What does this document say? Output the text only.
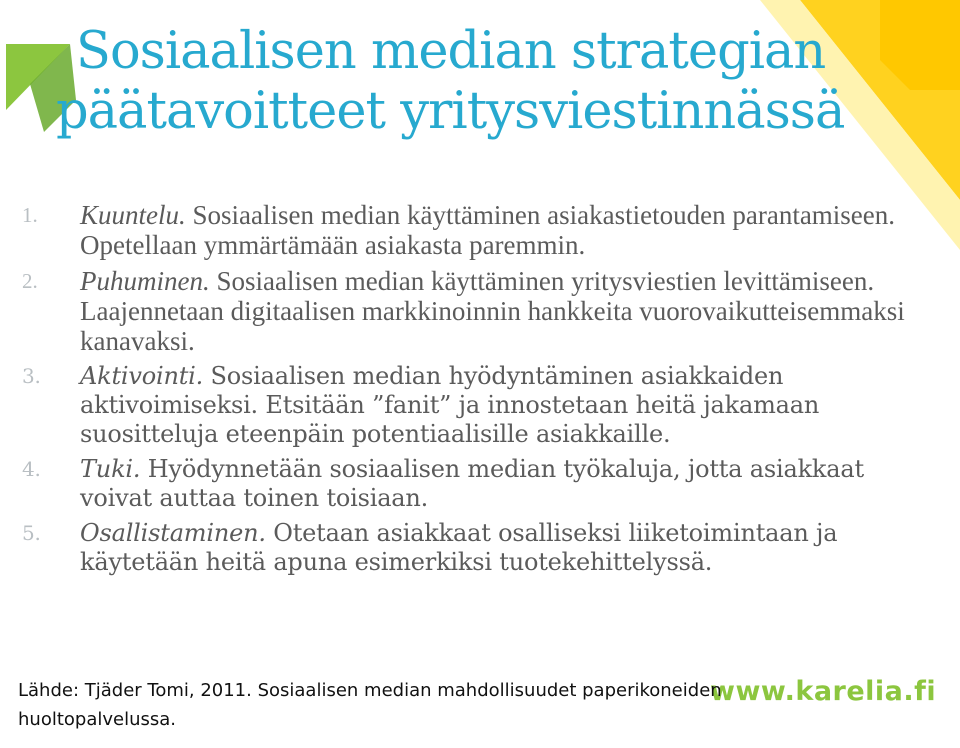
Sosiaalisen median strategian
päätavoitteet yritysviestinnässä
1. Kuuntelu. Sosiaalisen median käyttäminen asiakastietouden parantamiseen. Opetellaan ymmärtämään asiakasta paremmin.
2. Puhuminen. Sosiaalisen median käyttäminen yritysviestien levittämiseen. Laajennetaan digitaalisen markkinoinnin hankkeita vuorovaikutteisemmaksi kanavaksi.
3. Aktivointi. Sosiaalisen median hyödyntäminen asiakkaiden aktivoimiseksi. Etsitään ”fanit” ja innostetaan heitä jakamaan suositteluja eteenpäin potentiaalisille asiakkaille.
4. Tuki. Hyödynnetään sosiaalisen median työkaluja, jotta asiakkaat voivat auttaa toinen toisiaan.
5. Osallistaminen. Otetaan asiakkaat osalliseksi liiketoimintaan ja käytetään heitä apuna esimerkiksi tuotekehittelyssä.
www.karelia.fi
Lähde: Tjäder Tomi, 2011. Sosiaalisen median mahdollisuudet paperikoneiden huoltopalvelussa.
